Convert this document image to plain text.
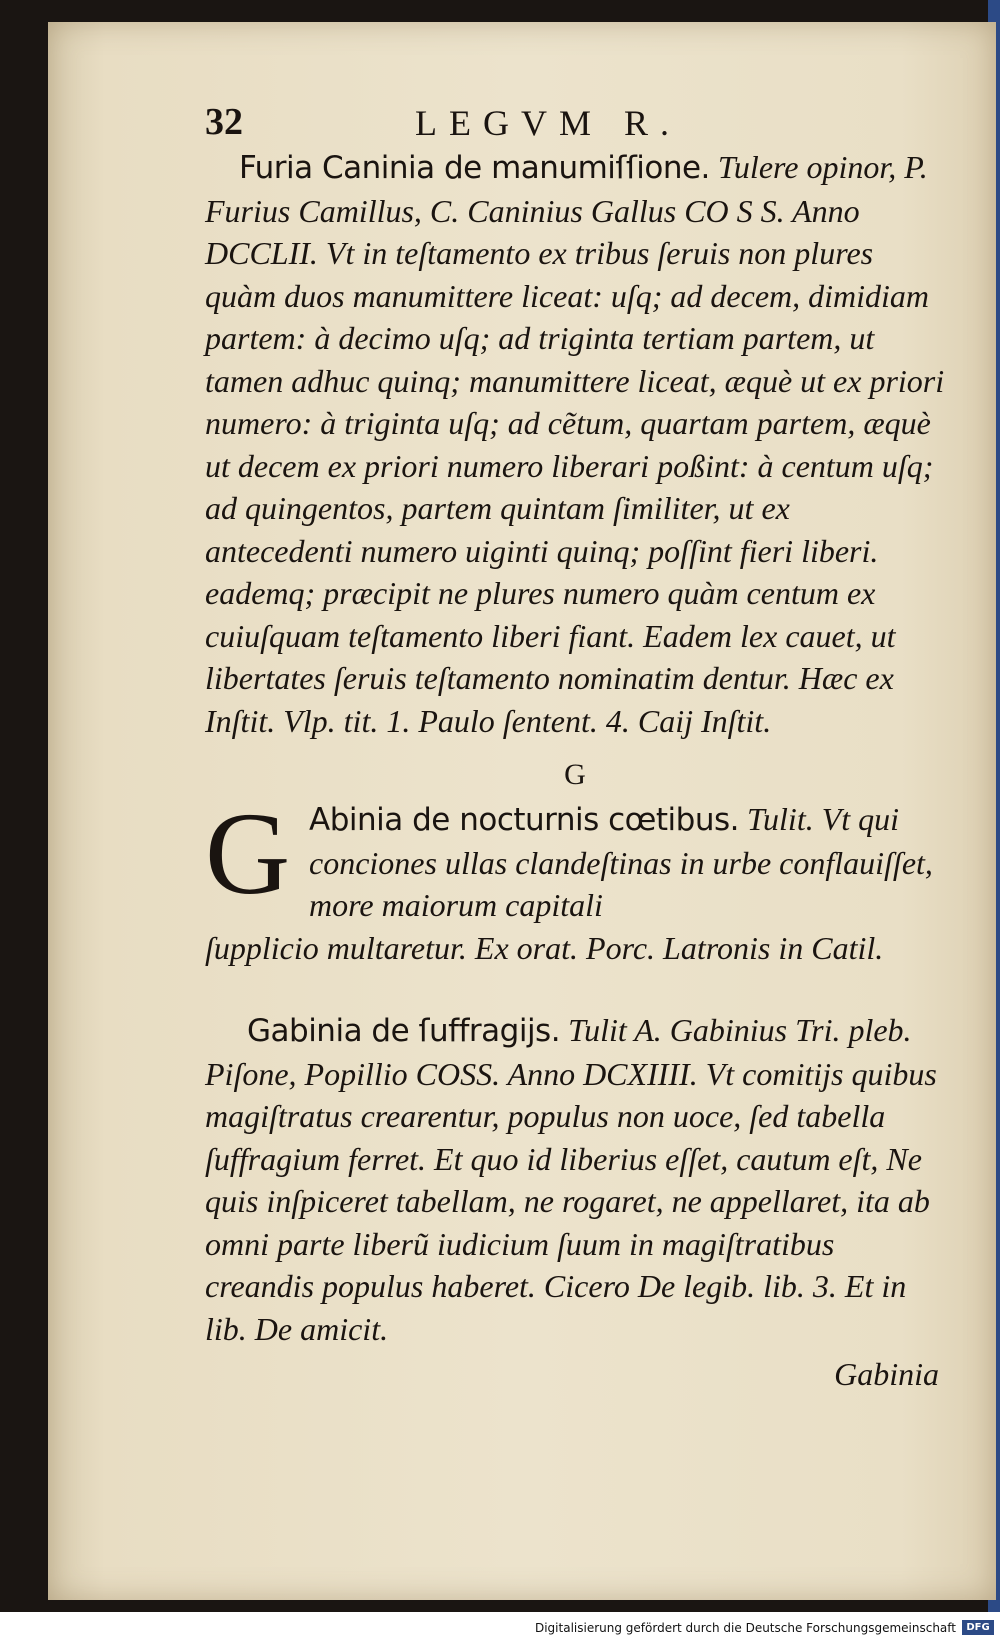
32	LEGVM R.

Furia Caninia de manumiſſione. Tulere opinor, P. Furius Camillus, C. Caninius Gallus CO S S. Anno DCCLII. Vt in teſtamento ex tribus ſeruis non plures quàm duos manumittere liceat: uſq; ad decem, dimidiam partem: à decimo uſq; ad triginta tertiam partem, ut tamen adhuc quinq; manumittere liceat, æquè ut ex priori numero: à triginta uſq; ad cẽtum, quartam partem, æquè ut decem ex priori numero liberari poßint: à centum uſq; ad quingentos, partem quintam ſimiliter, ut ex antecedenti numero uiginti quinq; poſſint fieri liberi. eademq; præcipit ne plures numero quàm centum ex cuiuſquam teſtamento liberi fiant. Eadem lex cauet, ut libertates ſeruis teſtamento nominatim dentur. Hæc ex Inſtit. Vlp. tit. 1. Paulo ſentent. 4. Caij Inſtit.

G
G Abinia de nocturnis cœtibus. Tulit. Vt qui conciones ullas clandeſtinas in urbe conflauiſſet, more maiorum capitali

ſupplicio multaretur. Ex orat. Porc. Latronis in Catil.

Gabinia de ſuffragijs. Tulit A. Gabinius Tri. pleb. Piſone, Popillio COSS. Anno DCXIIII. Vt comitijs quibus magiſtratus crearentur, populus non uoce, ſed tabella ſuffragium ferret. Et quo id liberius eſſet, cautum eſt, Ne quis inſpiceret tabellam, ne rogaret, ne appellaret, ita ab omni parte liberũ iudicium ſuum in magiſtratibus creandis populus haberet. Cicero De legib. lib. 3. Et in lib. De amicit.

Gabinia
Digitalisierung gefördert durch die Deutsche Forschungsgemeinschaft	DFG
